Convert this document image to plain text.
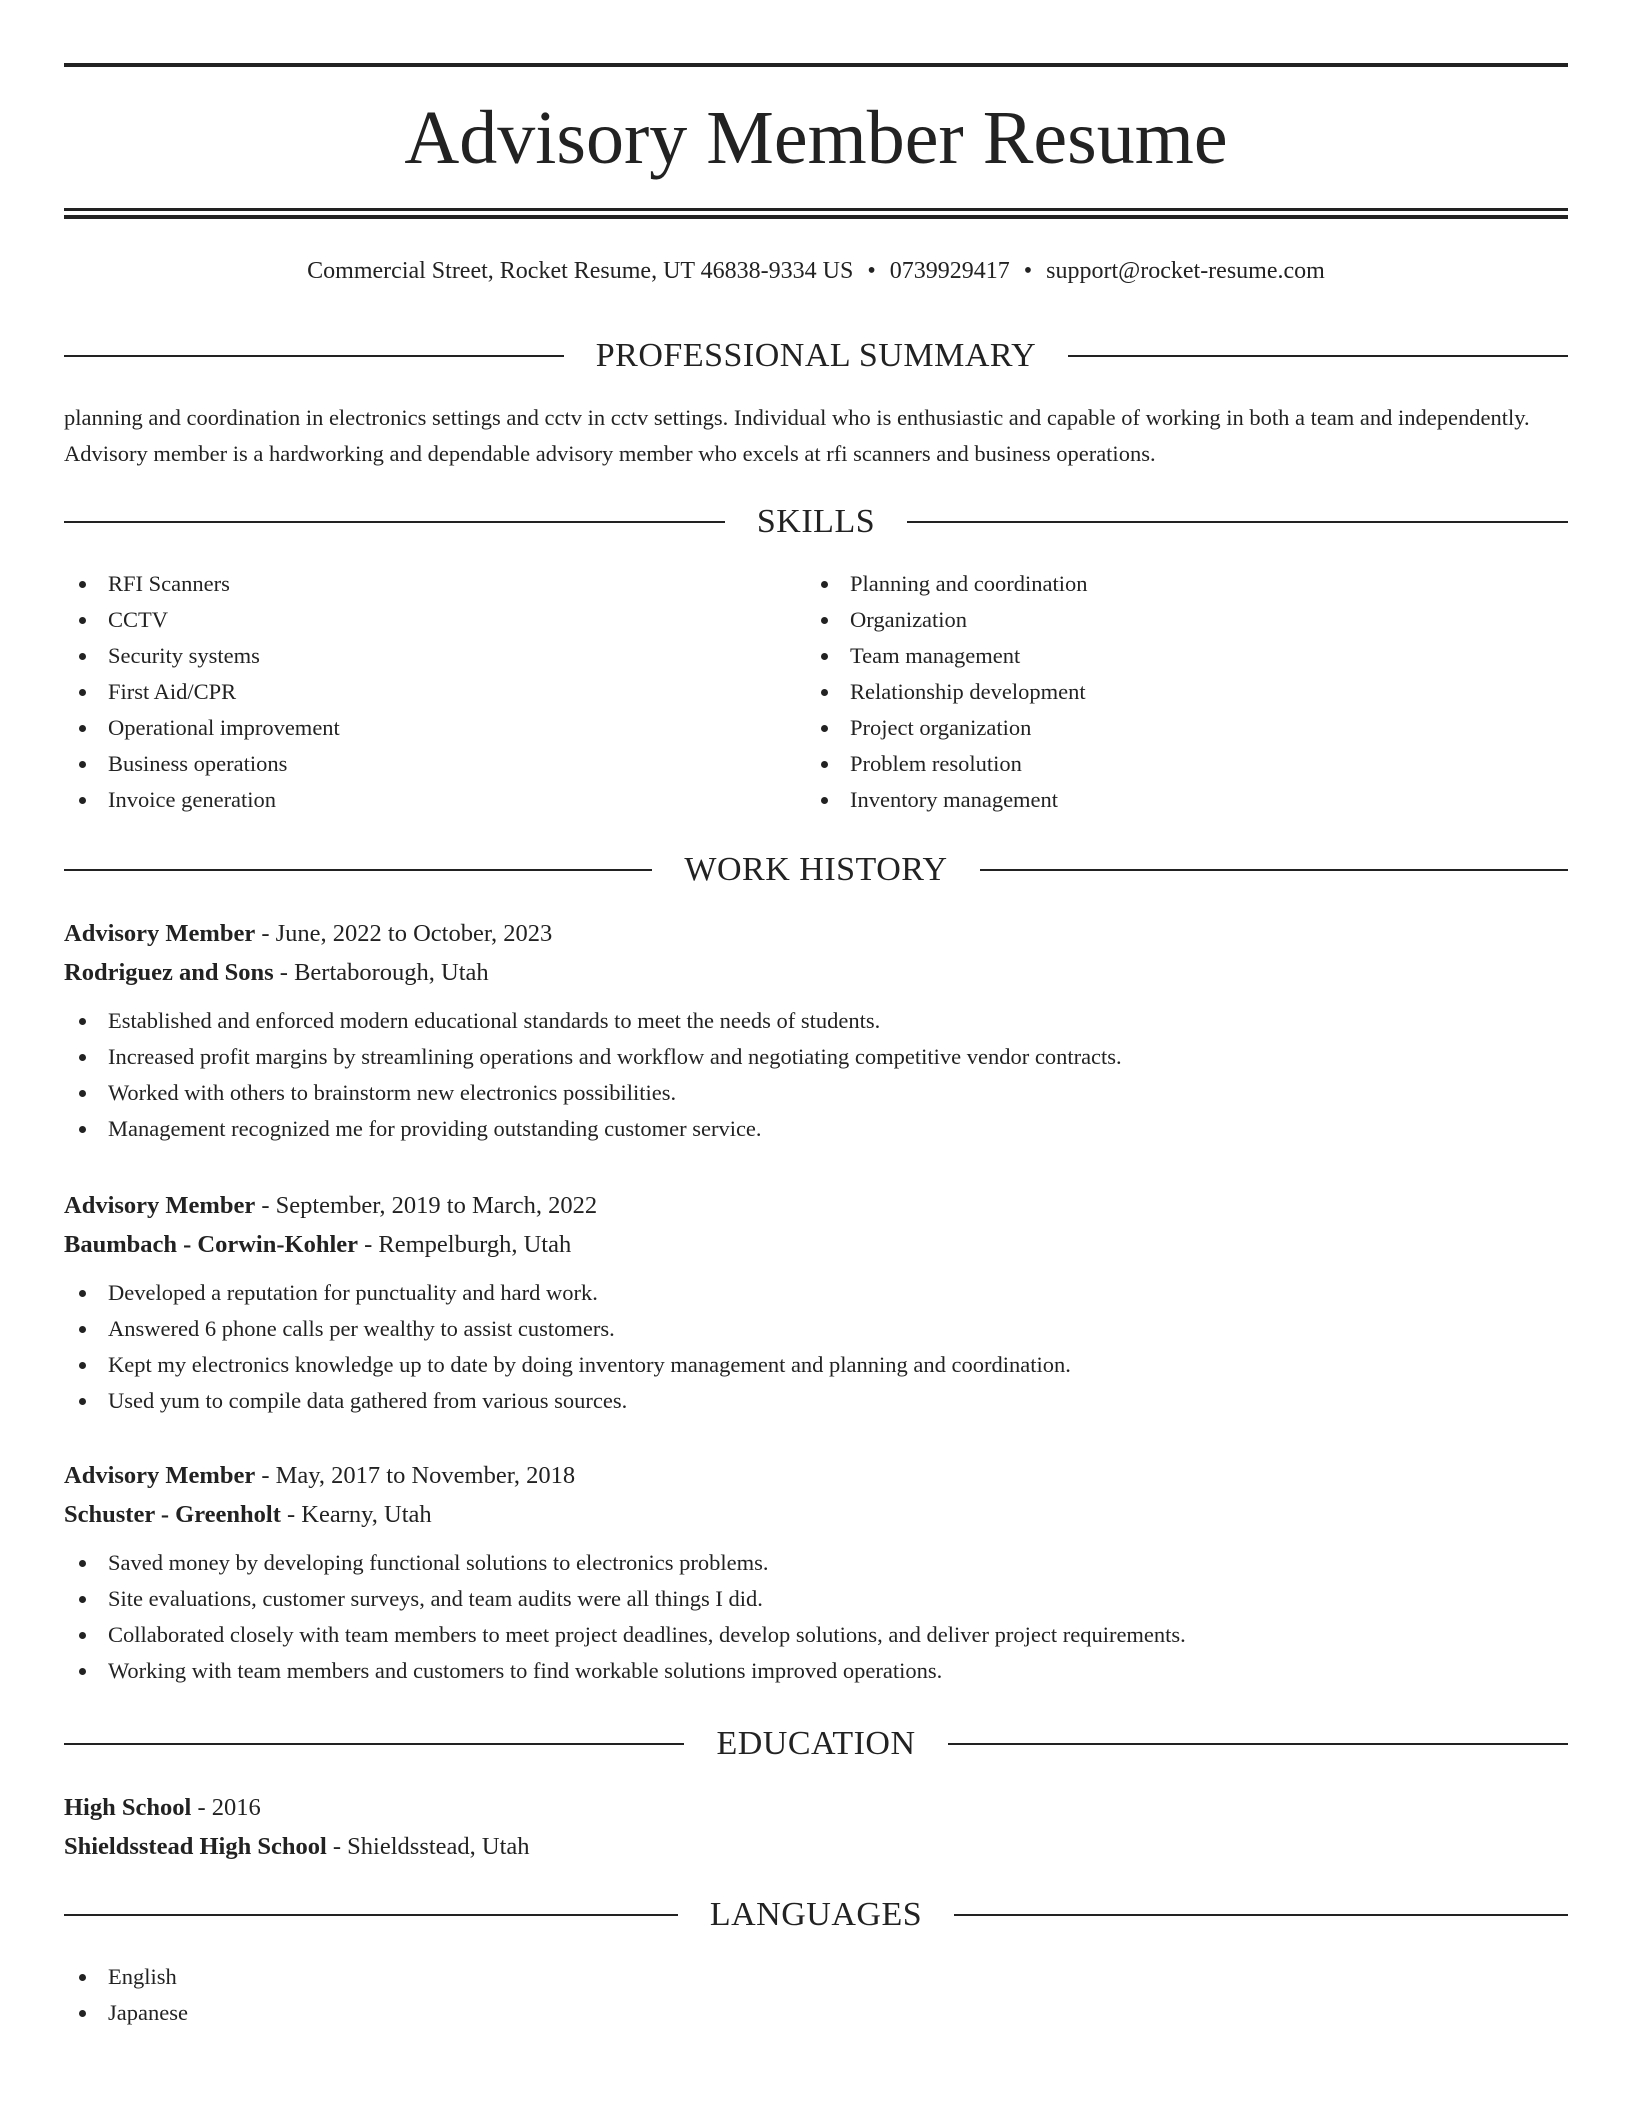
Advisory Member Resume
Commercial Street, Rocket Resume, UT 46838-9334 US • 0739929417 • support@rocket-resume.com
PROFESSIONAL SUMMARY

planning and coordination in electronics settings and cctv in cctv settings. Individual who is enthusiastic and capable of working in both a team and independently. Advisory member is a hardworking and dependable advisory member who excels at rfi scanners and business operations.

SKILLS
RFI Scanners
CCTV
Security systems
First Aid/CPR
Operational improvement
Business operations
Invoice generation
Planning and coordination
Organization
Team management
Relationship development
Project organization
Problem resolution
Inventory management
WORK HISTORY
Advisory Member - June, 2022 to October, 2023
Rodriguez and Sons - Bertaborough, Utah
Established and enforced modern educational standards to meet the needs of students.
Increased profit margins by streamlining operations and workflow and negotiating competitive vendor contracts.
Worked with others to brainstorm new electronics possibilities.
Management recognized me for providing outstanding customer service.
Advisory Member - September, 2019 to March, 2022
Baumbach - Corwin-Kohler - Rempelburgh, Utah
Developed a reputation for punctuality and hard work.
Answered 6 phone calls per wealthy to assist customers.
Kept my electronics knowledge up to date by doing inventory management and planning and coordination.
Used yum to compile data gathered from various sources.
Advisory Member - May, 2017 to November, 2018
Schuster - Greenholt - Kearny, Utah
Saved money by developing functional solutions to electronics problems.
Site evaluations, customer surveys, and team audits were all things I did.
Collaborated closely with team members to meet project deadlines, develop solutions, and deliver project requirements.
Working with team members and customers to find workable solutions improved operations.
EDUCATION
High School - 2016
Shieldsstead High School - Shieldsstead, Utah
LANGUAGES
English
Japanese
